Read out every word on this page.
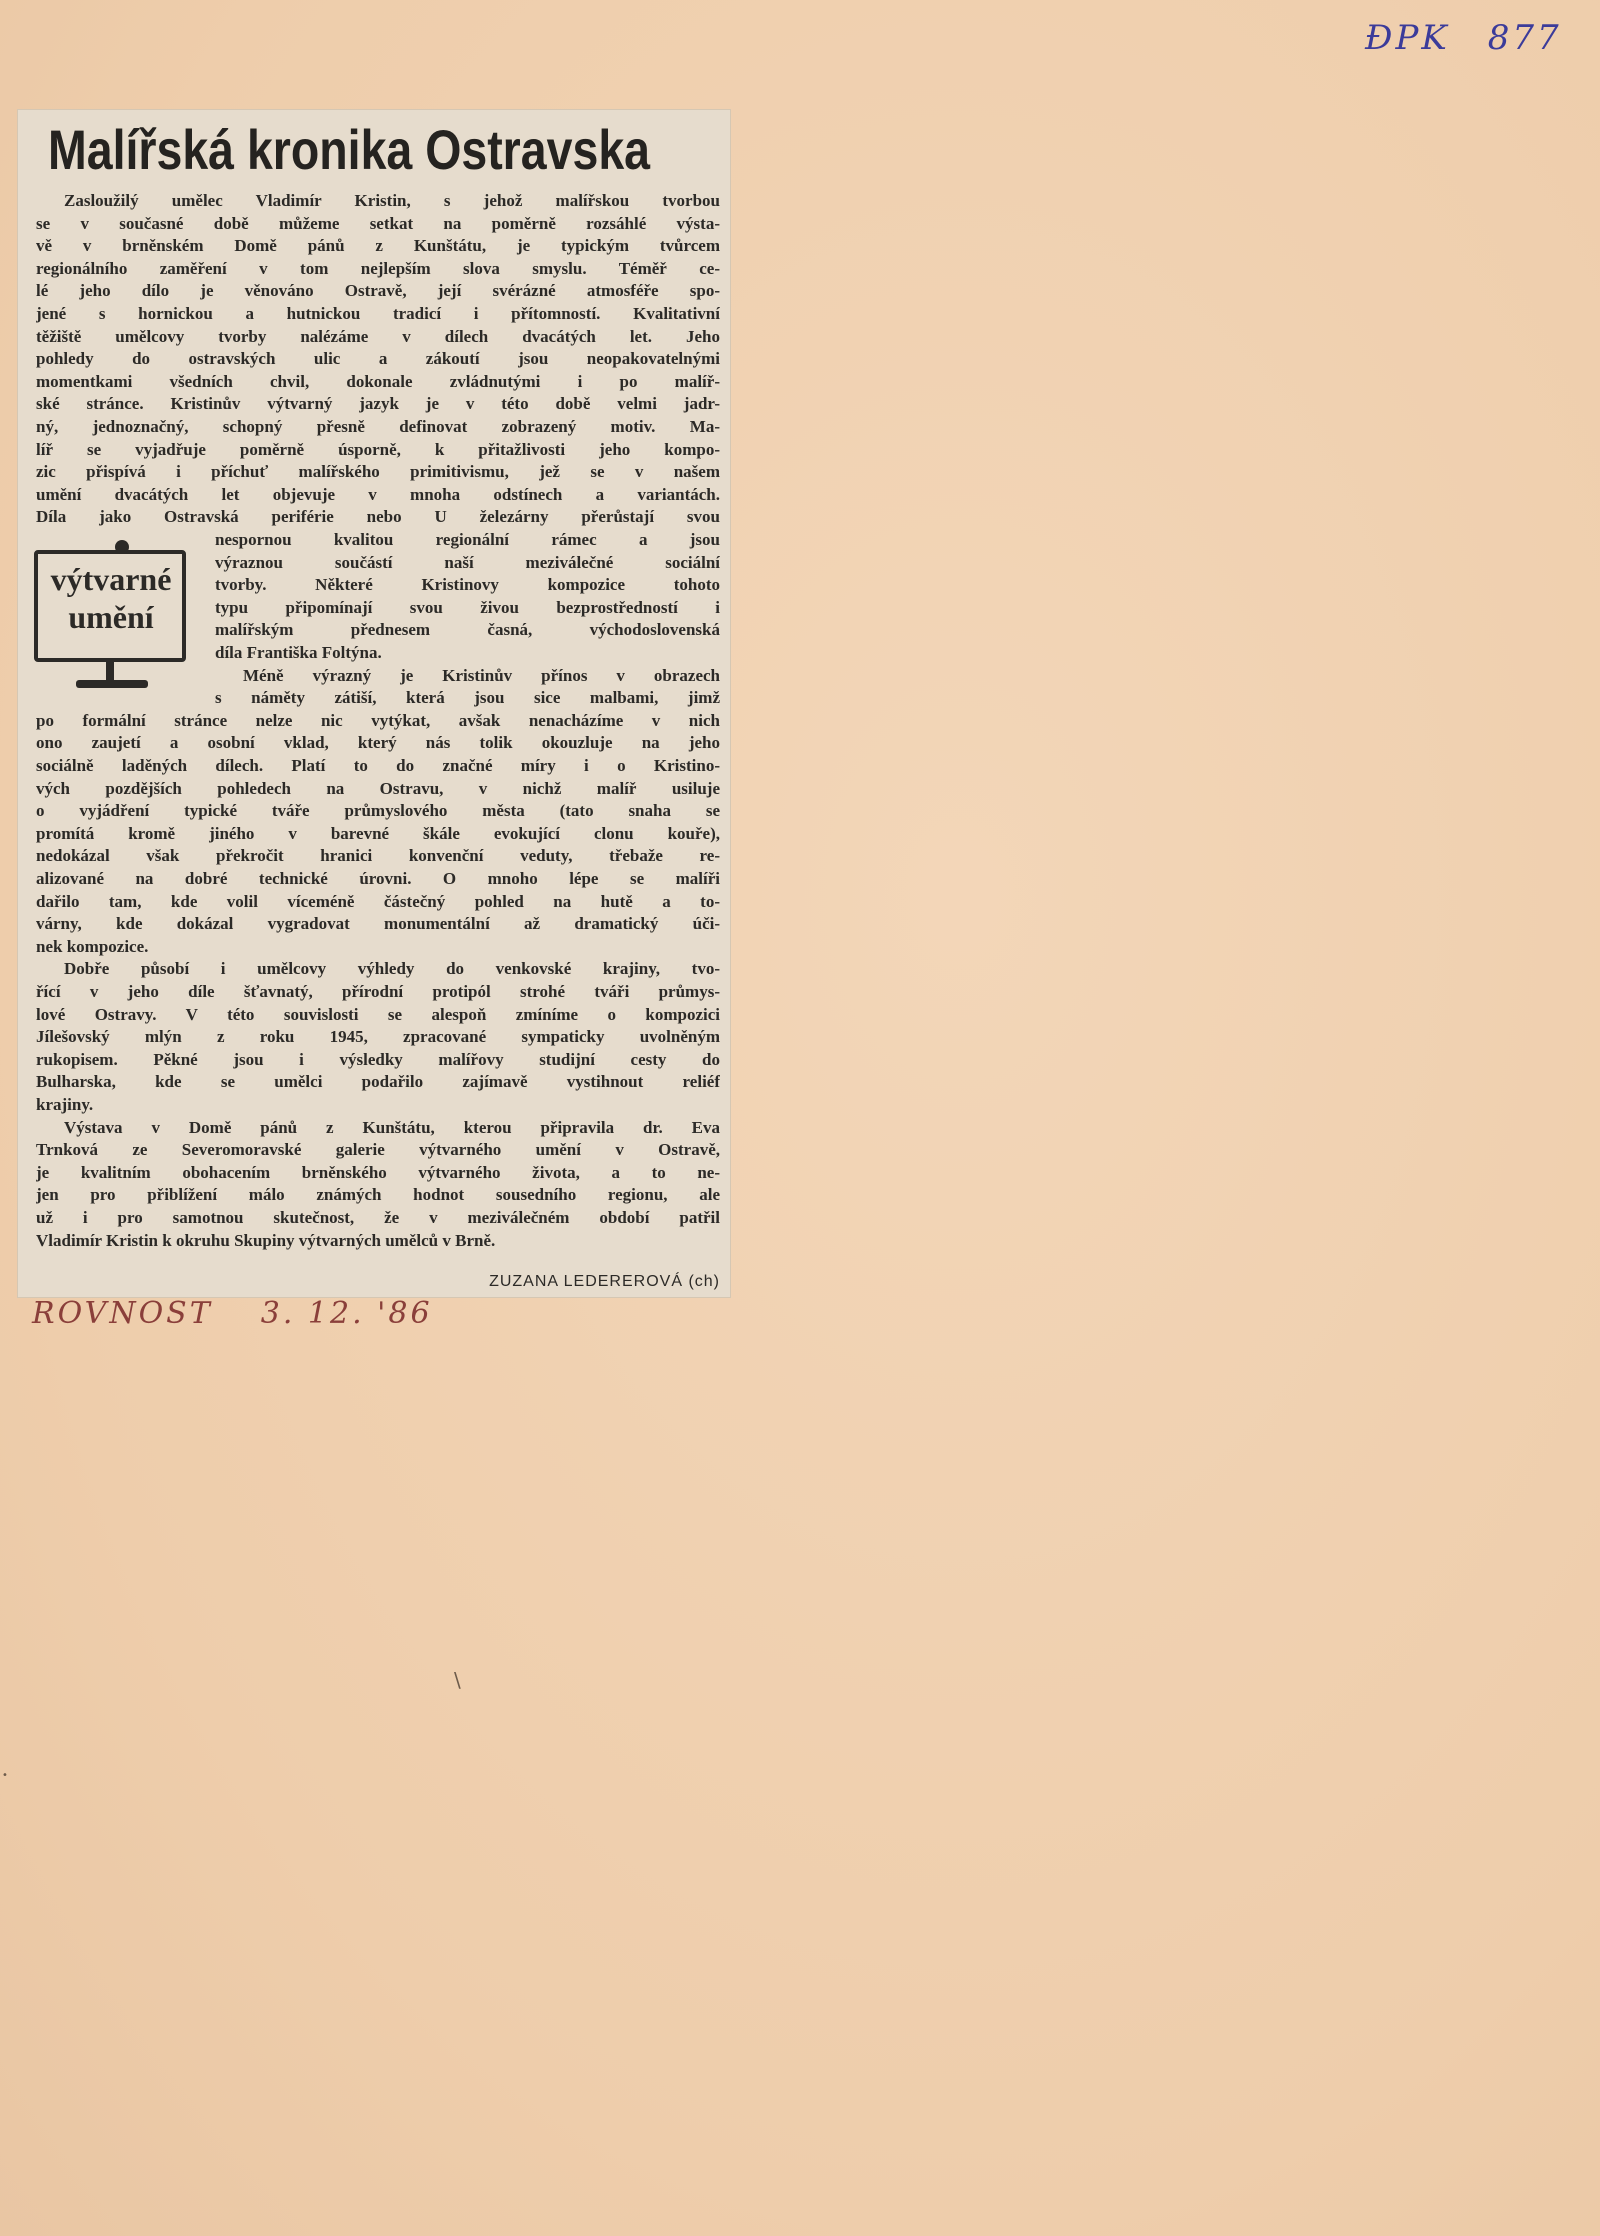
ÐPK 877
Malířská kronika Ostravska
výtvarné
umění
Zasloužilý umělec Vladimír Kristin, s jehož malířskou tvorbou
se v současné době můžeme setkat na poměrně rozsáhlé výsta-
vě v brněnském Domě pánů z Kunštátu, je typickým tvůrcem
regionálního zaměření v tom nejlepším slova smyslu. Téměř ce-
lé jeho dílo je věnováno Ostravě, její svérázné atmosféře spo-
jené s hornickou a hutnickou tradicí i přítomností. Kvalitativní
těžiště umělcovy tvorby nalézáme v dílech dvacátých let. Jeho
pohledy do ostravských ulic a zákoutí jsou neopakovatelnými
momentkami všedních chvil, dokonale zvládnutými i po malíř-
ské stránce. Kristinův výtvarný jazyk je v této době velmi jadr-
ný, jednoznačný, schopný přesně definovat zobrazený motiv. Ma-
líř se vyjadřuje poměrně úsporně, k přitažlivosti jeho kompo-
zic přispívá i příchuť malířského primitivismu, jež se v našem
umění dvacátých let objevuje v mnoha odstínech a variantách.
Díla jako Ostravská periférie nebo U železárny přerůstají svou
nespornou kvalitou regionální rámec a jsou
výraznou součástí naší meziválečné sociální
tvorby. Některé Kristinovy kompozice tohoto
typu připomínají svou živou bezprostředností i
malířským přednesem časná, východoslovenská
díla Františka Foltýna.
Méně výrazný je Kristinův přínos v obrazech
s náměty zátiší, která jsou sice malbami, jimž
po formální stránce nelze nic vytýkat, avšak nenacházíme v nich
ono zaujetí a osobní vklad, který nás tolik okouzluje na jeho
sociálně laděných dílech. Platí to do značné míry i o Kristino-
vých pozdějších pohledech na Ostravu, v nichž malíř usiluje
o vyjádření typické tváře průmyslového města (tato snaha se
promítá kromě jiného v barevné škále evokující clonu kouře),
nedokázal však překročit hranici konvenční veduty, třebaže re-
alizované na dobré technické úrovni. O mnoho lépe se malíři
dařilo tam, kde volil víceméně částečný pohled na hutě a to-
várny, kde dokázal vygradovat monumentální až dramatický úči-
nek kompozice.
Dobře působí i umělcovy výhledy do venkovské krajiny, tvo-
řící v jeho díle šťavnatý, přírodní protipól strohé tváři průmys-
lové Ostravy. V této souvislosti se alespoň zmíníme o kompozici
Jílešovský mlýn z roku 1945, zpracované sympaticky uvolněným
rukopisem. Pěkné jsou i výsledky malířovy studijní cesty do
Bulharska, kde se umělci podařilo zajímavě vystihnout reliéf
krajiny.
Výstava v Domě pánů z Kunštátu, kterou připravila dr. Eva
Trnková ze Severomoravské galerie výtvarného umění v Ostravě,
je kvalitním obohacením brněnského výtvarného života, a to ne-
jen pro přiblížení málo známých hodnot sousedního regionu, ale
už i pro samotnou skutečnost, že v meziválečném období patřil
Vladimír Kristin k okruhu Skupiny výtvarných umělců v Brně.
ZUZANA LEDEREROVÁ (ch)
ROVNOST 3. 12. '86
\
•
